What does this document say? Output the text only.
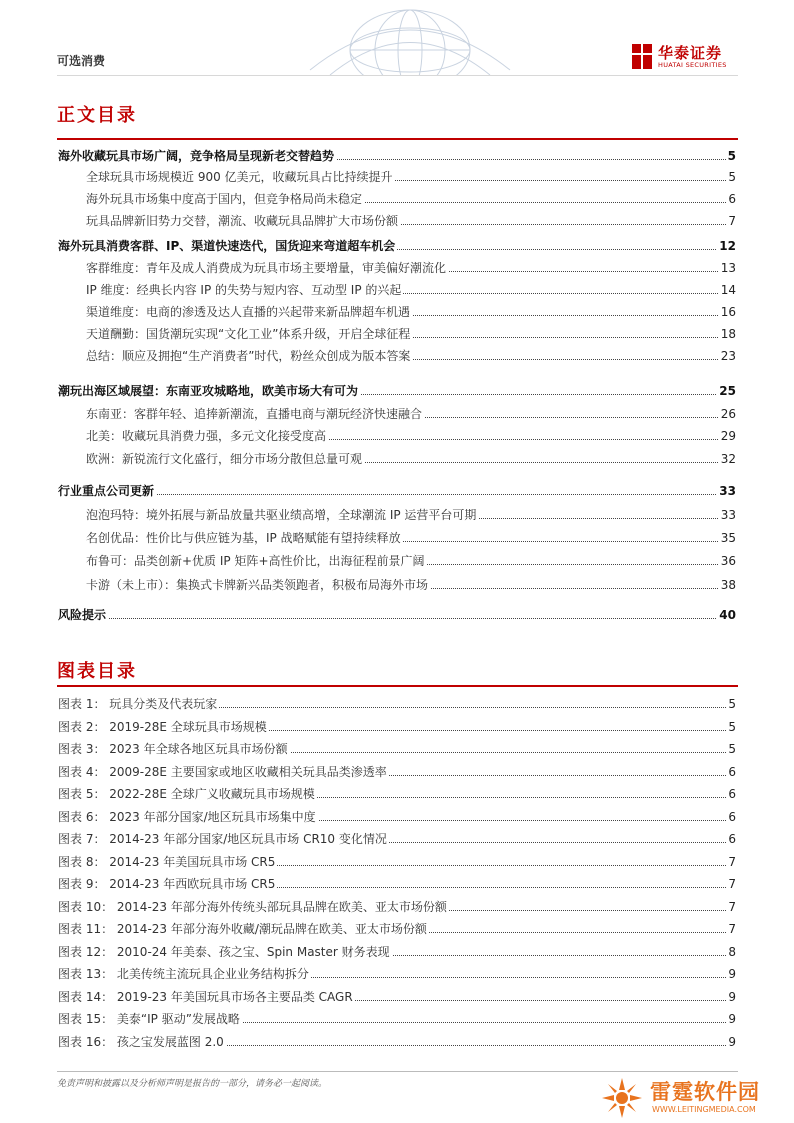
可选消费	华泰证券
HUATAI SECURITIES
正文目录
海外收藏玩具市场广阔，竞争格局呈现新老交替趋势	5
全球玩具市场规模近 900 亿美元，收藏玩具占比持续提升	5
海外玩具市场集中度高于国内，但竞争格局尚未稳定	6
玩具品牌新旧势力交替，潮流、收藏玩具品牌扩大市场份额	7
海外玩具消费客群、IP、渠道快速迭代，国货迎来弯道超车机会	12
客群维度：青年及成人消费成为玩具市场主要增量，审美偏好潮流化	13
IP 维度：经典长内容 IP 的失势与短内容、互动型 IP 的兴起	14
渠道维度：电商的渗透及达人直播的兴起带来新品牌超车机遇	16
天道酬勤：国货潮玩实现“文化工业”体系升级，开启全球征程	18
总结：顺应及拥抱“生产消费者”时代，粉丝众创成为版本答案	23
潮玩出海区域展望：东南亚攻城略地，欧美市场大有可为	25
东南亚：客群年轻、追捧新潮流，直播电商与潮玩经济快速融合	26
北美：收藏玩具消费力强，多元文化接受度高	29
欧洲：新锐流行文化盛行，细分市场分散但总量可观	32
行业重点公司更新	33
泡泡玛特：境外拓展与新品放量共驱业绩高增，全球潮流 IP 运营平台可期	33
名创优品：性价比与供应链为基，IP 战略赋能有望持续释放	35
布鲁可：品类创新+优质 IP 矩阵+高性价比，出海征程前景广阔	36
卡游（未上市）：集换式卡牌新兴品类领跑者，积极布局海外市场	38
风险提示	40
图表目录
图表 1： 玩具分类及代表玩家	5
图表 2： 2019-28E 全球玩具市场规模	5
图表 3： 2023 年全球各地区玩具市场份额	5
图表 4： 2009-28E 主要国家或地区收藏相关玩具品类渗透率	6
图表 5： 2022-28E 全球广义收藏玩具市场规模	6
图表 6： 2023 年部分国家/地区玩具市场集中度	6
图表 7： 2014-23 年部分国家/地区玩具市场 CR10 变化情况	6
图表 8： 2014-23 年美国玩具市场 CR5	7
图表 9： 2014-23 年西欧玩具市场 CR5	7
图表 10： 2014-23 年部分海外传统头部玩具品牌在欧美、亚太市场份额	7
图表 11： 2014-23 年部分海外收藏/潮玩品牌在欧美、亚太市场份额	7
图表 12： 2010-24 年美泰、孩之宝、Spin Master 财务表现	8
图表 13： 北美传统主流玩具企业业务结构拆分	9
图表 14： 2019-23 年美国玩具市场各主要品类 CAGR	9
图表 15： 美泰“IP 驱动”发展战略	9
图表 16： 孩之宝发展蓝图 2.0	9
免责声明和披露以及分析师声明是报告的一部分，请务必一起阅读。	雷霆软件园
WWW.LEITINGMEDIA.COM
